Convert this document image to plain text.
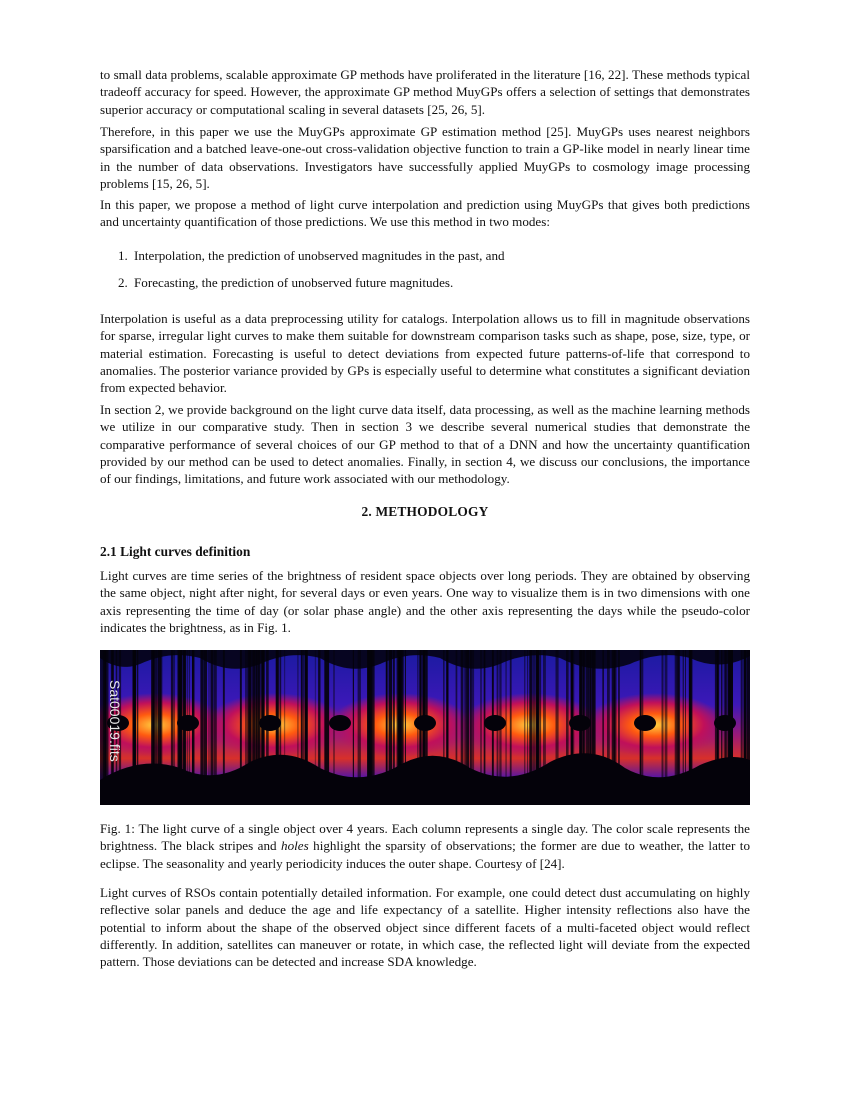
to small data problems, scalable approximate GP methods have proliferated in the literature [16, 22]. These methods typical tradeoff accuracy for speed. However, the approximate GP method MuyGPs offers a selection of settings that demonstrates superior accuracy or computational scaling in several datasets [25, 26, 5].

Therefore, in this paper we use the MuyGPs approximate GP estimation method [25]. MuyGPs uses nearest neighbors sparsification and a batched leave-one-out cross-validation objective function to train a GP-like model in nearly linear time in the number of data observations. Investigators have successfully applied MuyGPs to cosmology image processing problems [15, 26, 5].

In this paper, we propose a method of light curve interpolation and prediction using MuyGPs that gives both predictions and uncertainty quantification of those predictions. We use this method in two modes:

1. Interpolation, the prediction of unobserved magnitudes in the past, and
2. Forecasting, the prediction of unobserved future magnitudes.

Interpolation is useful as a data preprocessing utility for catalogs. Interpolation allows us to fill in magnitude observations for sparse, irregular light curves to make them suitable for downstream comparison tasks such as shape, pose, size, type, or material estimation. Forecasting is useful to detect deviations from expected future patterns-of-life that correspond to anomalies. The posterior variance provided by GPs is especially useful to determine what constitutes a significant deviation from expected behavior.

In section 2, we provide background on the light curve data itself, data processing, as well as the machine learning methods we utilize in our comparative study. Then in section 3 we describe several numerical studies that demonstrate the comparative performance of several choices of our GP method to that of a DNN and how the uncertainty quantification provided by our method can be used to detect anomalies. Finally, in section 4, we discuss our conclusions, the importance of our findings, limitations, and future work associated with our methodology.

2. METHODOLOGY
2.1 Light curves definition

Light curves are time series of the brightness of resident space objects over long periods. They are obtained by observing the same object, night after night, for several days or even years. One way to visualize them is in two dimensions with one axis representing the time of day (or solar phase angle) and the other axis representing the days while the pseudo-color indicates the brightness, as in Fig. 1.

Sat00019.fits

Fig. 1: The light curve of a single object over 4 years. Each column represents a single day. The color scale represents the brightness. The black stripes and holes highlight the sparsity of observations; the former are due to weather, the latter to eclipse. The seasonality and yearly periodicity induces the outer shape. Courtesy of [24].

Light curves of RSOs contain potentially detailed information. For example, one could detect dust accumulating on highly reflective solar panels and deduce the age and life expectancy of a satellite. Higher intensity reflections also have the potential to inform about the shape of the observed object since different facets of a multi-faceted object would reflect differently. In addition, satellites can maneuver or rotate, in which case, the reflected light will deviate from the expected pattern. Those deviations can be detected and increase SDA knowledge.
